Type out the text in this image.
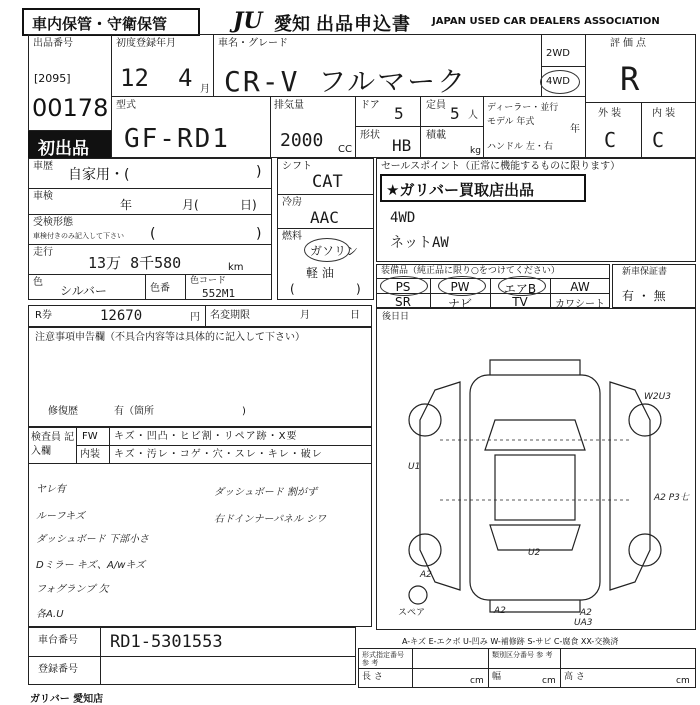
車内保管・守衛保管	JU 愛知 出品申込書 JAPAN USED CAR DEALERS ASSOCIATION
出品番号
[2095]
00178
初出品
初度登録年月
12 4 月
車名・グレード
CR-V フルマーク
2WD
4WD
評価点
R
外 装	内 装
C C
型式
GF-RD1
排気量
2000 CC
ドア 5
形状
HB
定員 5 人
積載
kg
ディーラー・並行
モデル 年式
年
ハンドル 左・右
車歴
自家用・(	)
車検
年	月(	日)
受検形態
車検付きのみ記入して下さい (	)
走行
13万 8千580	km
色
シルバー	色番
色コード
552M1
シフト
CAT
冷房
AAC
燃料
ガソリン
軽 油
(	)
セールスポイント（正常に機能するものに限ります）
★ガリバー買取店出品
4WD
ネットAW
装備品（純正品に限り○をつけてください）
PS	PW	エアB	AW
SR	ナビ	TV	カワシート
新車保証書
有 ・ 無
R券	12670	円 名変期限	月	日 後日日
注意事項申告欄（不具合内容等は具体的に記入して下さい）
修復歴	有（箇所	)
検査員 記入欄
FW キズ・凹凸・ヒビ割・リペア跡・X要
内装 キズ・汚レ・コゲ・穴・スレ・キレ・破レ
ヤレ有
ルーフキズ
ダッシュボード 下部小さ
Dミラー キズ、A/wキズ
フォグランプ 欠
各A.U
ダッシュボード 割がず
右ドインナーパネル シワ
W2U3
U1
A2
U2
A2	A2
A2 P3七
UA3
スペア
A-キズ E-エクボ U-凹み W-補修跡 S-サビ C-腐食 XX-交換済
車台番号 RD1-5301553
登録番号
形式指定番号 参 考
類別区分番号 参 考
長 さ	cm 幅	cm 高 さ	cm
ガリバー 愛知店
